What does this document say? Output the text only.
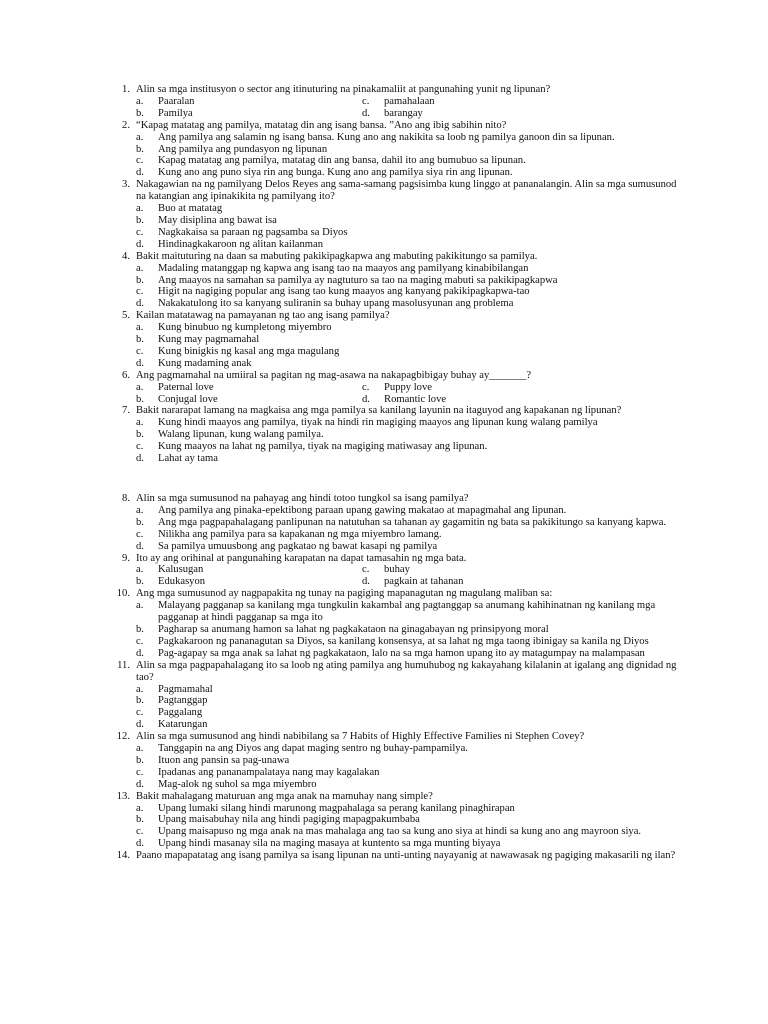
1. Alin sa mga institusyon o sector ang itinuturing na pinakamaliit at pangunahing yunit ng lipunan?
a. Paaralan	c. pamahalaan
b. Pamilya	d. barangay
2. “Kapag matatag ang pamilya, matatag din ang isang bansa. ”Ano ang ibig sabihin nito?
a. Ang pamilya ang salamin ng isang bansa. Kung ano ang nakikita sa loob ng pamilya ganoon din sa lipunan.
b. Ang pamilya ang pundasyon ng lipunan
c. Kapag matatag ang pamilya, matatag din ang bansa, dahil ito ang bumubuo sa lipunan.
d. Kung ano ang puno siya rin ang bunga. Kung ano ang pamilya siya rin ang lipunan.
3. Nakagawian na ng pamilyang Delos Reyes ang sama-samang pagsisimba kung linggo at pananalangin. Alin sa mga sumusunod na katangian ang ipinakikita ng pamilyang ito?
a. Buo at matatag
b. May disiplina ang bawat isa
c. Nagkakaisa sa paraan ng pagsamba sa Diyos
d. Hindinagkakaroon ng alitan kailanman
4. Bakit maituturing na daan sa mabuting pakikipagkapwa ang mabuting pakikitungo sa pamilya.
a. Madaling matanggap ng kapwa ang isang tao na maayos ang pamilyang kinabibilangan
b. Ang maayos na samahan sa pamilya ay nagtuturo sa tao na maging mabuti sa pakikipagkapwa
c. Higit na nagiging popular ang isang tao kung maayos ang kanyang pakikipagkapwa-tao
d. Nakakatulong ito sa kanyang suliranin sa buhay upang masolusyunan ang problema
5. Kailan matatawag na pamayanan ng tao ang isang pamilya?
a. Kung binubuo ng kumpletong miyembro
b. Kung may pagmamahal
c. Kung binigkis ng kasal ang mga magulang
d. Kung madaming anak
6. Ang pagmamahal na umiiral sa pagitan ng mag-asawa na nakapagbibigay buhay ay_______?
a. Paternal love	c. Puppy love
b. Conjugal love	d. Romantic love
7. Bakit nararapat lamang na magkaisa ang mga pamilya sa kanilang layunin na itaguyod ang kapakanan ng lipunan?
a. Kung hindi maayos ang pamilya, tiyak na hindi rin magiging maayos ang lipunan kung walang pamilya
b. Walang lipunan, kung walang pamilya.
c. Kung maayos na lahat ng pamilya, tiyak na magiging matiwasay ang lipunan.
d. Lahat ay tama
8. Alin sa mga sumusunod na pahayag ang hindi totoo tungkol sa isang pamilya?
a. Ang pamilya ang pinaka-epektibong paraan upang gawing makatao at mapagmahal ang lipunan.
b. Ang mga pagpapahalagang panlipunan na natutuhan sa tahanan ay gagamitin ng bata sa pakikitungo sa kanyang kapwa.
c. Nilikha ang pamilya para sa kapakanan ng mga miyembro lamang.
d. Sa pamilya umuusbong ang pagkatao ng bawat kasapi ng pamilya
9. Ito ay ang orihinal at pangunahing karapatan na dapat tamasahin ng mga bata.
a. Kalusugan	c. buhay
b. Edukasyon	d. pagkain at tahanan
10. Ang mga sumusunod ay nagpapakita ng tunay na pagiging mapanagutan ng magulang maliban sa:
a. Malayang pagganap sa kanilang mga tungkulin kakambal ang pagtanggap sa anumang kahihinatnan ng kanilang mga pagganap at hindi pagganap sa mga ito
b. Pagharap sa anumang hamon sa lahat ng pagkakataon na ginagabayan ng prinsipyong moral
c. Pagkakaroon ng pananagutan sa Diyos, sa kanilang konsensya, at sa lahat ng mga taong ibinigay sa kanila ng Diyos
d. Pag-agapay sa mga anak sa lahat ng pagkakataon, lalo na sa mga hamon upang ito ay matagumpay na malampasan
11. Alin sa mga pagpapahalagang ito sa loob ng ating pamilya ang humuhubog ng kakayahang kilalanin at igalang ang dignidad ng tao?
a. Pagmamahal
b. Pagtanggap
c. Paggalang
d. Katarungan
12. Alin sa mga sumusunod ang hindi nabibilang sa 7 Habits of Highly Effective Families ni Stephen Covey?
a. Tanggapin na ang Diyos ang dapat maging sentro ng buhay-pampamilya.
b. Ituon ang pansin sa pag-unawa
c. Ipadanas ang pananampalataya nang may kagalakan
d. Mag-alok ng suhol sa mga miyembro
13. Bakit mahalagang maturuan ang mga anak na mamuhay nang simple?
a. Upang lumaki silang hindi marunong magpahalaga sa perang kanilang pinaghirapan
b. Upang maisabuhay nila ang hindi pagiging mapagpakumbaba
c. Upang maisapuso ng mga anak na mas mahalaga ang tao sa kung ano siya at hindi sa kung ano ang mayroon siya.
d. Upang hindi masanay sila na maging masaya at kuntento sa mga munting biyaya
14. Paano mapapatatag ang isang pamilya sa isang lipunan na unti-unting nayayanig at nawawasak ng pagiging makasarili ng ilan?
